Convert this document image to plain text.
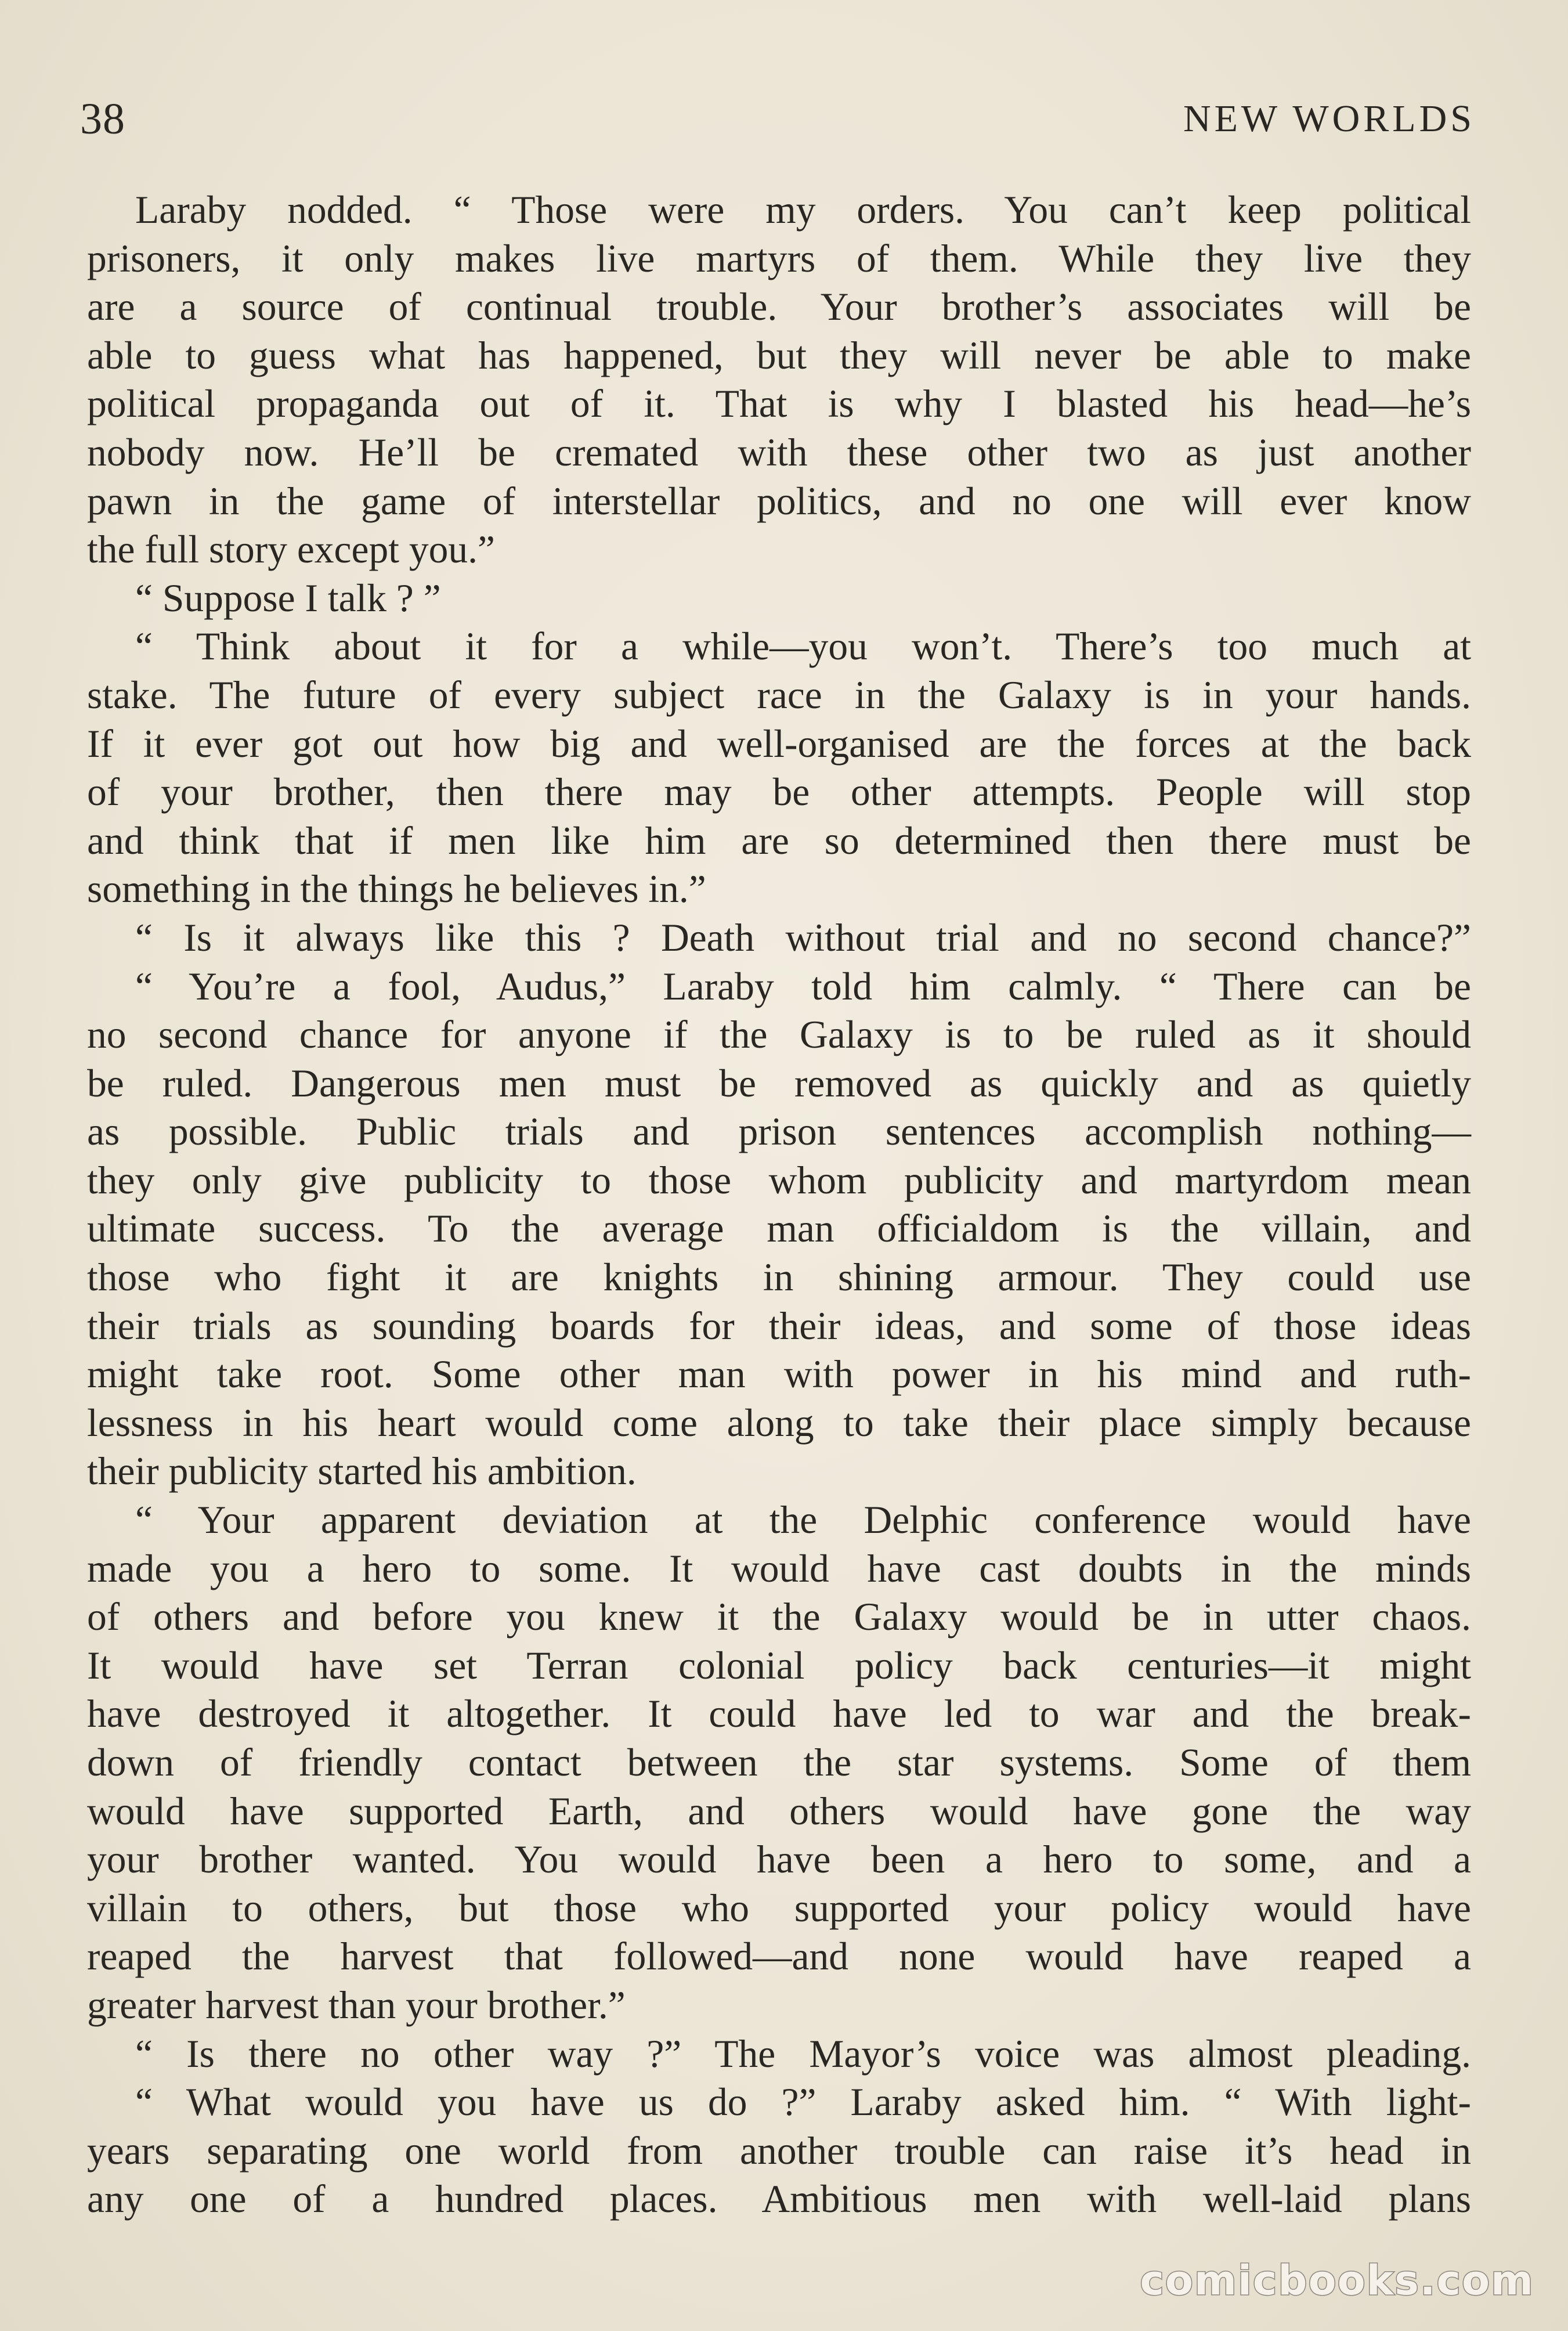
38	NEW WORLDS
Laraby nodded. “ Those were my orders. You can’t keep political
prisoners, it only makes live martyrs of them. While they live they
are a source of continual trouble. Your brother’s associates will be
able to guess what has happened, but they will never be able to make
political propaganda out of it. That is why I blasted his head—he’s
nobody now. He’ll be cremated with these other two as just another
pawn in the game of interstellar politics, and no one will ever know
the full story except you.”
“ Suppose I talk ? ”
“ Think about it for a while—you won’t. There’s too much at
stake. The future of every subject race in the Galaxy is in your hands.
If it ever got out how big and well-organised are the forces at the back
of your brother, then there may be other attempts. People will stop
and think that if men like him are so determined then there must be
something in the things he believes in.”
“ Is it always like this ? Death without trial and no second chance?”
“ You’re a fool, Audus,” Laraby told him calmly. “ There can be
no second chance for anyone if the Galaxy is to be ruled as it should
be ruled. Dangerous men must be removed as quickly and as quietly
as possible. Public trials and prison sentences accomplish nothing—
they only give publicity to those whom publicity and martyrdom mean
ultimate success. To the average man officialdom is the villain, and
those who fight it are knights in shining armour. They could use
their trials as sounding boards for their ideas, and some of those ideas
might take root. Some other man with power in his mind and ruth-
lessness in his heart would come along to take their place simply because
their publicity started his ambition.
“ Your apparent deviation at the Delphic conference would have
made you a hero to some. It would have cast doubts in the minds
of others and before you knew it the Galaxy would be in utter chaos.
It would have set Terran colonial policy back centuries—it might
have destroyed it altogether. It could have led to war and the break-
down of friendly contact between the star systems. Some of them
would have supported Earth, and others would have gone the way
your brother wanted. You would have been a hero to some, and a
villain to others, but those who supported your policy would have
reaped the harvest that followed—and none would have reaped a
greater harvest than your brother.”
“ Is there no other way ?” The Mayor’s voice was almost pleading.
“ What would you have us do ?” Laraby asked him. “ With light-
years separating one world from another trouble can raise it’s head in
any one of a hundred places. Ambitious men with well-laid plans
comicbooks.com
